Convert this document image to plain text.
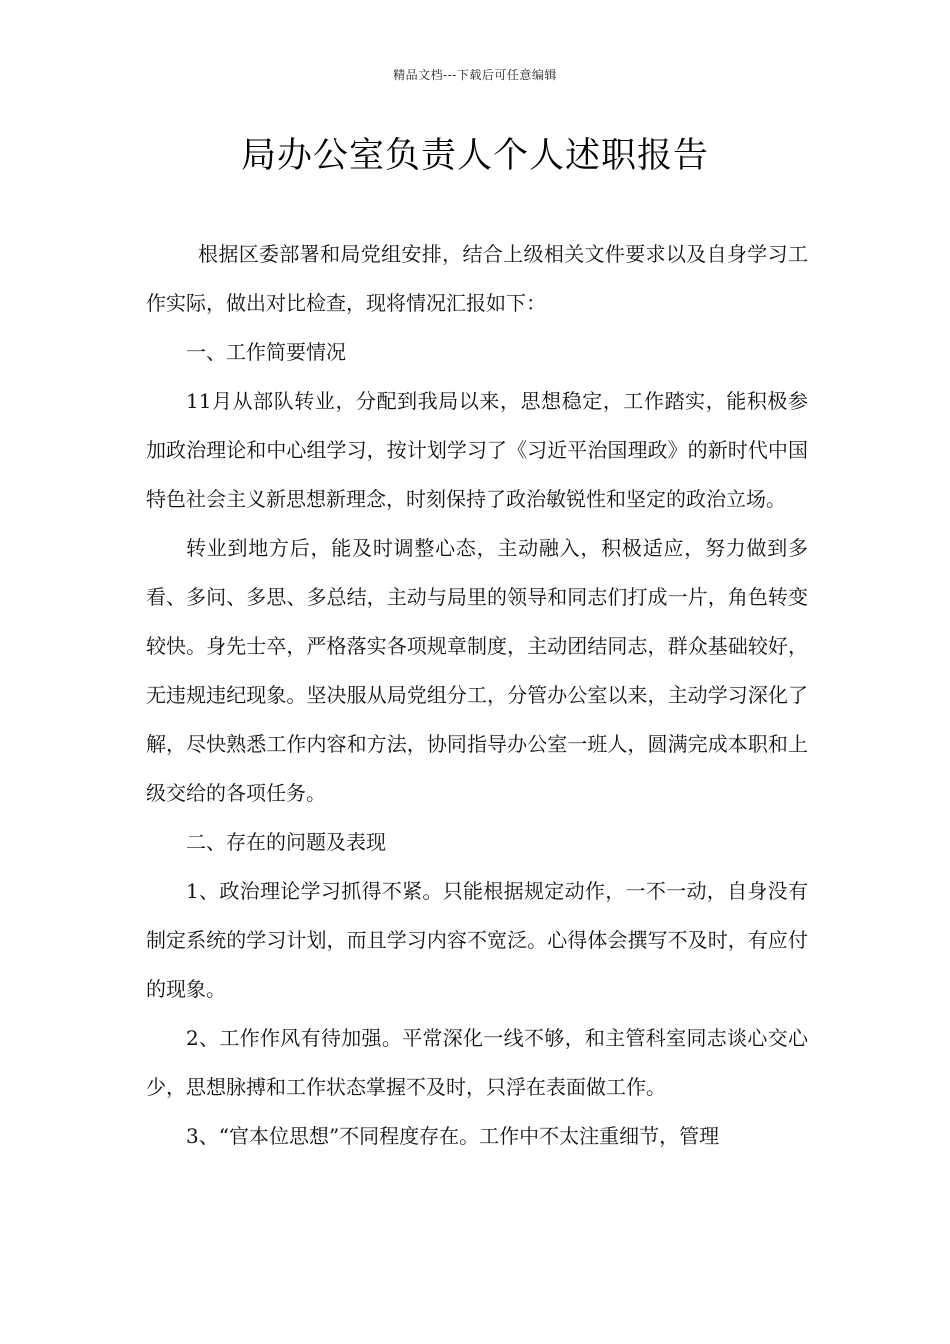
精品文档---下载后可任意编辑
局办公室负责人个人述职报告

根据区委部署和局党组安排，结合上级相关文件要求以及自身学习工作实际，做出对比检查，现将情况汇报如下：

一、工作简要情况

11月从部队转业，分配到我局以来，思想稳定，工作踏实，能积极参加政治理论和中心组学习，按计划学习了《习近平治国理政》的新时代中国特色社会主义新思想新理念，时刻保持了政治敏锐性和坚定的政治立场。

转业到地方后，能及时调整心态，主动融入，积极适应，努力做到多看、多问、多思、多总结，主动与局里的领导和同志们打成一片，角色转变较快。身先士卒，严格落实各项规章制度，主动团结同志，群众基础较好，无违规违纪现象。坚决服从局党组分工，分管办公室以来，主动学习深化了解，尽快熟悉工作内容和方法，协同指导办公室一班人，圆满完成本职和上级交给的各项任务。

二、存在的问题及表现

1、政治理论学习抓得不紧。只能根据规定动作，一不一动，自身没有制定系统的学习计划，而且学习内容不宽泛。心得体会撰写不及时，有应付的现象。

2、工作作风有待加强。平常深化一线不够，和主管科室同志谈心交心少，思想脉搏和工作状态掌握不及时，只浮在表面做工作。

3、“官本位思想”不同程度存在。工作中不太注重细节，管理
